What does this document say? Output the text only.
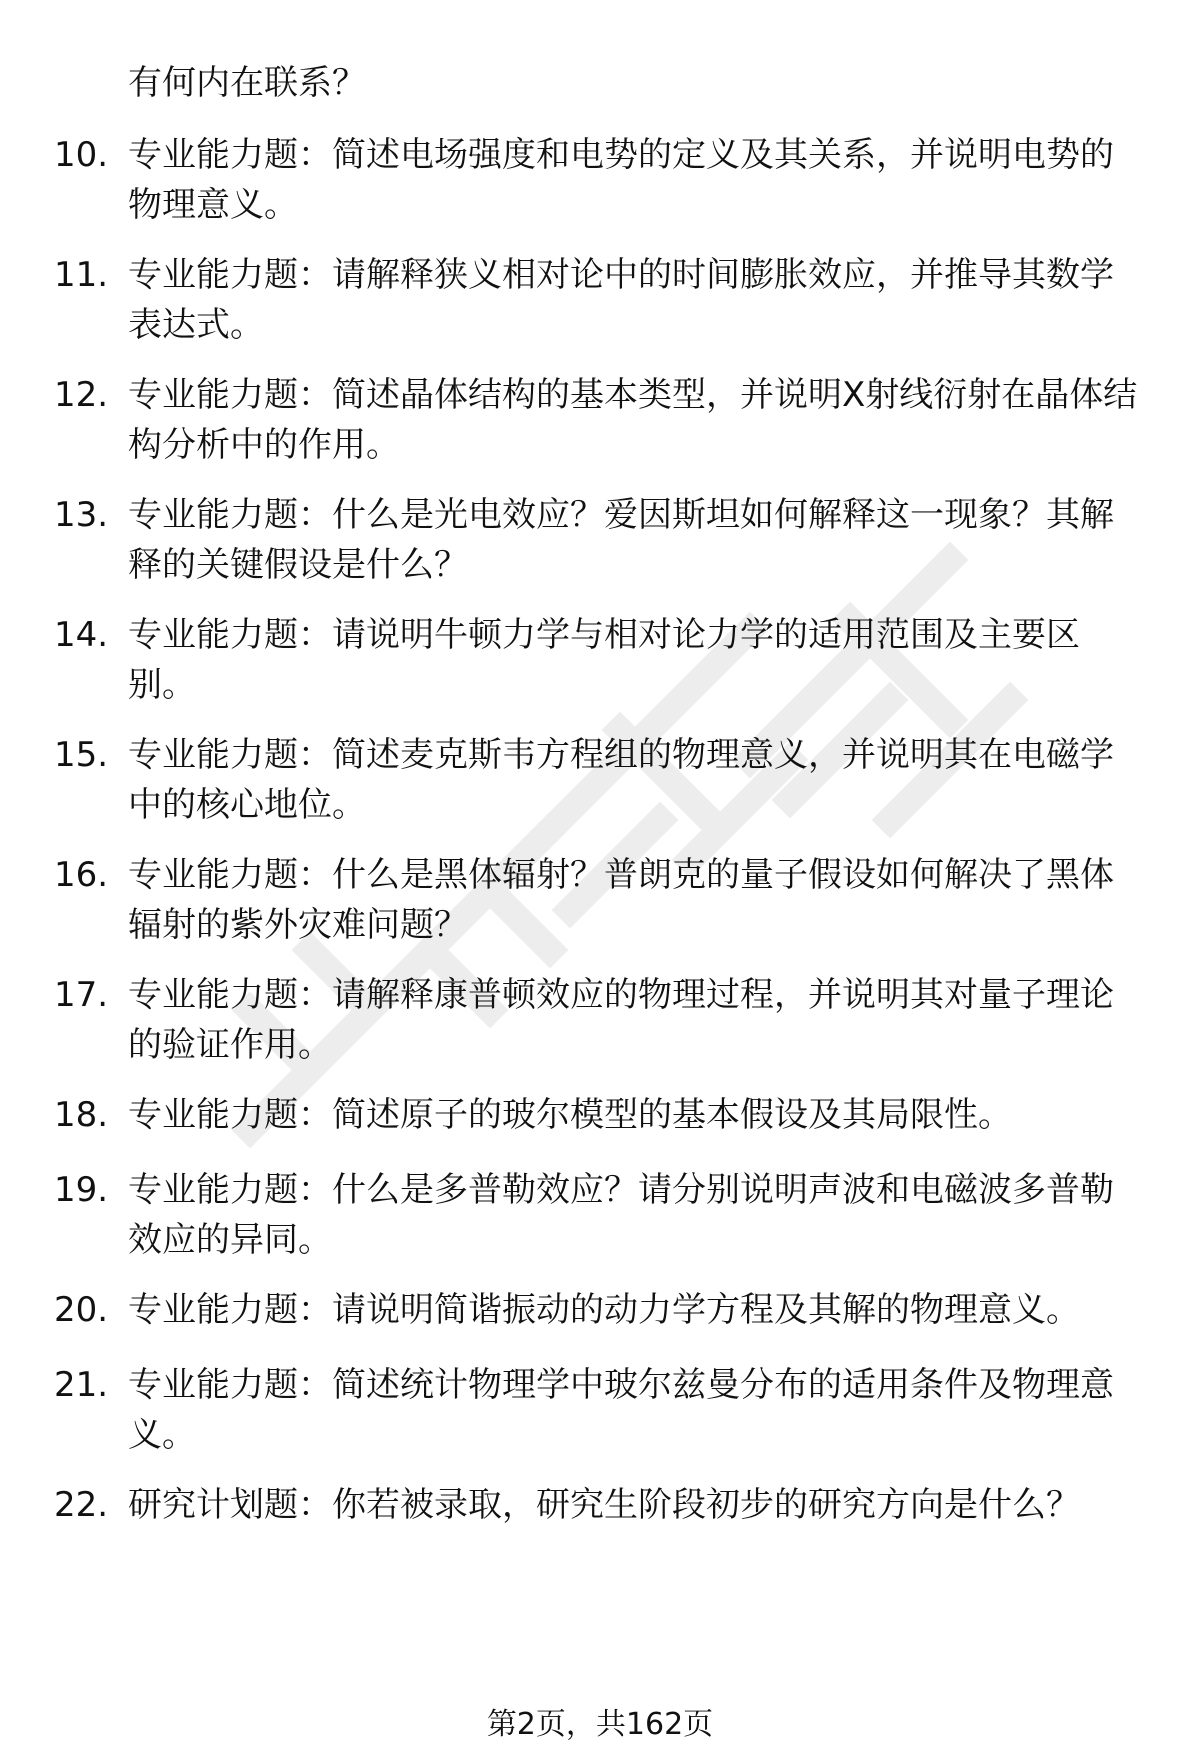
有何内在联系？
10. 专业能力题：简述电场强度和电势的定义及其关系，并说明电势的物理意义。
11. 专业能力题：请解释狭义相对论中的时间膨胀效应，并推导其数学表达式。
12. 专业能力题：简述晶体结构的基本类型，并说明X射线衍射在晶体结构分析中的作用。
13. 专业能力题：什么是光电效应？爱因斯坦如何解释这一现象？其解释的关键假设是什么？
14. 专业能力题：请说明牛顿力学与相对论力学的适用范围及主要区别。
15. 专业能力题：简述麦克斯韦方程组的物理意义，并说明其在电磁学中的核心地位。
16. 专业能力题：什么是黑体辐射？普朗克的量子假设如何解决了黑体辐射的紫外灾难问题？
17. 专业能力题：请解释康普顿效应的物理过程，并说明其对量子理论的验证作用。
18. 专业能力题：简述原子的玻尔模型的基本假设及其局限性。
19. 专业能力题：什么是多普勒效应？请分别说明声波和电磁波多普勒效应的异同。
20. 专业能力题：请说明简谐振动的动力学方程及其解的物理意义。
21. 专业能力题：简述统计物理学中玻尔兹曼分布的适用条件及物理意义。
22. 研究计划题：你若被录取，研究生阶段初步的研究方向是什么？
第2页，共162页
